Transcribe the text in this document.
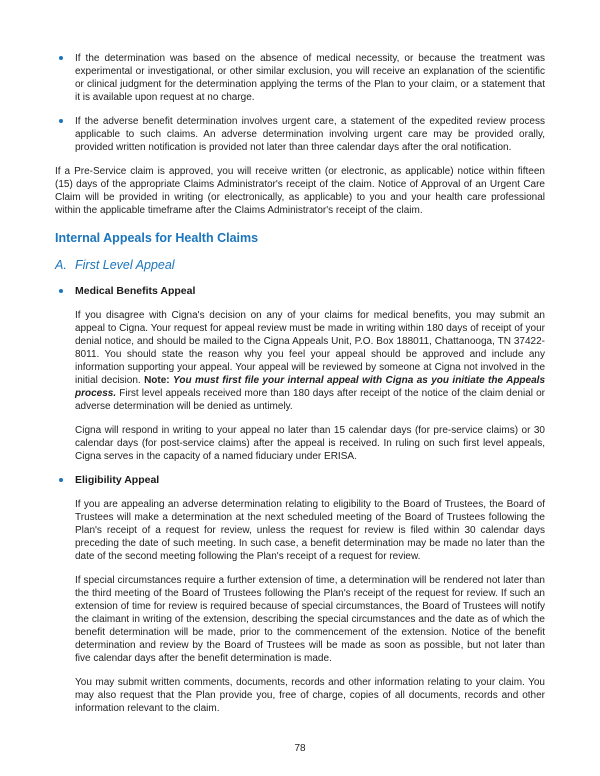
If the determination was based on the absence of medical necessity, or because the treatment was experimental or investigational, or other similar exclusion, you will receive an explanation of the scientific or clinical judgment for the determination applying the terms of the Plan to your claim, or a statement that it is available upon request at no charge.
If the adverse benefit determination involves urgent care, a statement of the expedited review process applicable to such claims. An adverse determination involving urgent care may be provided orally, provided written notification is provided not later than three calendar days after the oral notification.

If a Pre-Service claim is approved, you will receive written (or electronic, as applicable) notice within fifteen (15) days of the appropriate Claims Administrator's receipt of the claim. Notice of Approval of an Urgent Care Claim will be provided in writing (or electronically, as applicable) to you and your health care professional within the applicable timeframe after the Claims Administrator's receipt of the claim.

Internal Appeals for Health Claims
A. First Level Appeal
Medical Benefits Appeal

If you disagree with Cigna's decision on any of your claims for medical benefits, you may submit an appeal to Cigna. Your request for appeal review must be made in writing within 180 days of receipt of your denial notice, and should be mailed to the Cigna Appeals Unit, P.O. Box 188011, Chattanooga, TN 37422-8011. You should state the reason why you feel your appeal should be approved and include any information supporting your appeal. Your appeal will be reviewed by someone at Cigna not involved in the initial decision. Note: You must first file your internal appeal with Cigna as you initiate the Appeals process. First level appeals received more than 180 days after receipt of the notice of the claim denial or adverse determination will be denied as untimely.

Cigna will respond in writing to your appeal no later than 15 calendar days (for pre-service claims) or 30 calendar days (for post-service claims) after the appeal is received. In ruling on such first level appeals, Cigna serves in the capacity of a named fiduciary under ERISA.

Eligibility Appeal

If you are appealing an adverse determination relating to eligibility to the Board of Trustees, the Board of Trustees will make a determination at the next scheduled meeting of the Board of Trustees following the Plan's receipt of a request for review, unless the request for review is filed within 30 calendar days preceding the date of such meeting. In such case, a benefit determination may be made no later than the date of the second meeting following the Plan's receipt of a request for review.

If special circumstances require a further extension of time, a determination will be rendered not later than the third meeting of the Board of Trustees following the Plan's receipt of the request for review. If such an extension of time for review is required because of special circumstances, the Board of Trustees will notify the claimant in writing of the extension, describing the special circumstances and the date as of which the benefit determination will be made, prior to the commencement of the extension. Notice of the benefit determination and review by the Board of Trustees will be made as soon as possible, but not later than five calendar days after the benefit determination is made.

You may submit written comments, documents, records and other information relating to your claim. You may also request that the Plan provide you, free of charge, copies of all documents, records and other information relevant to the claim.

78
